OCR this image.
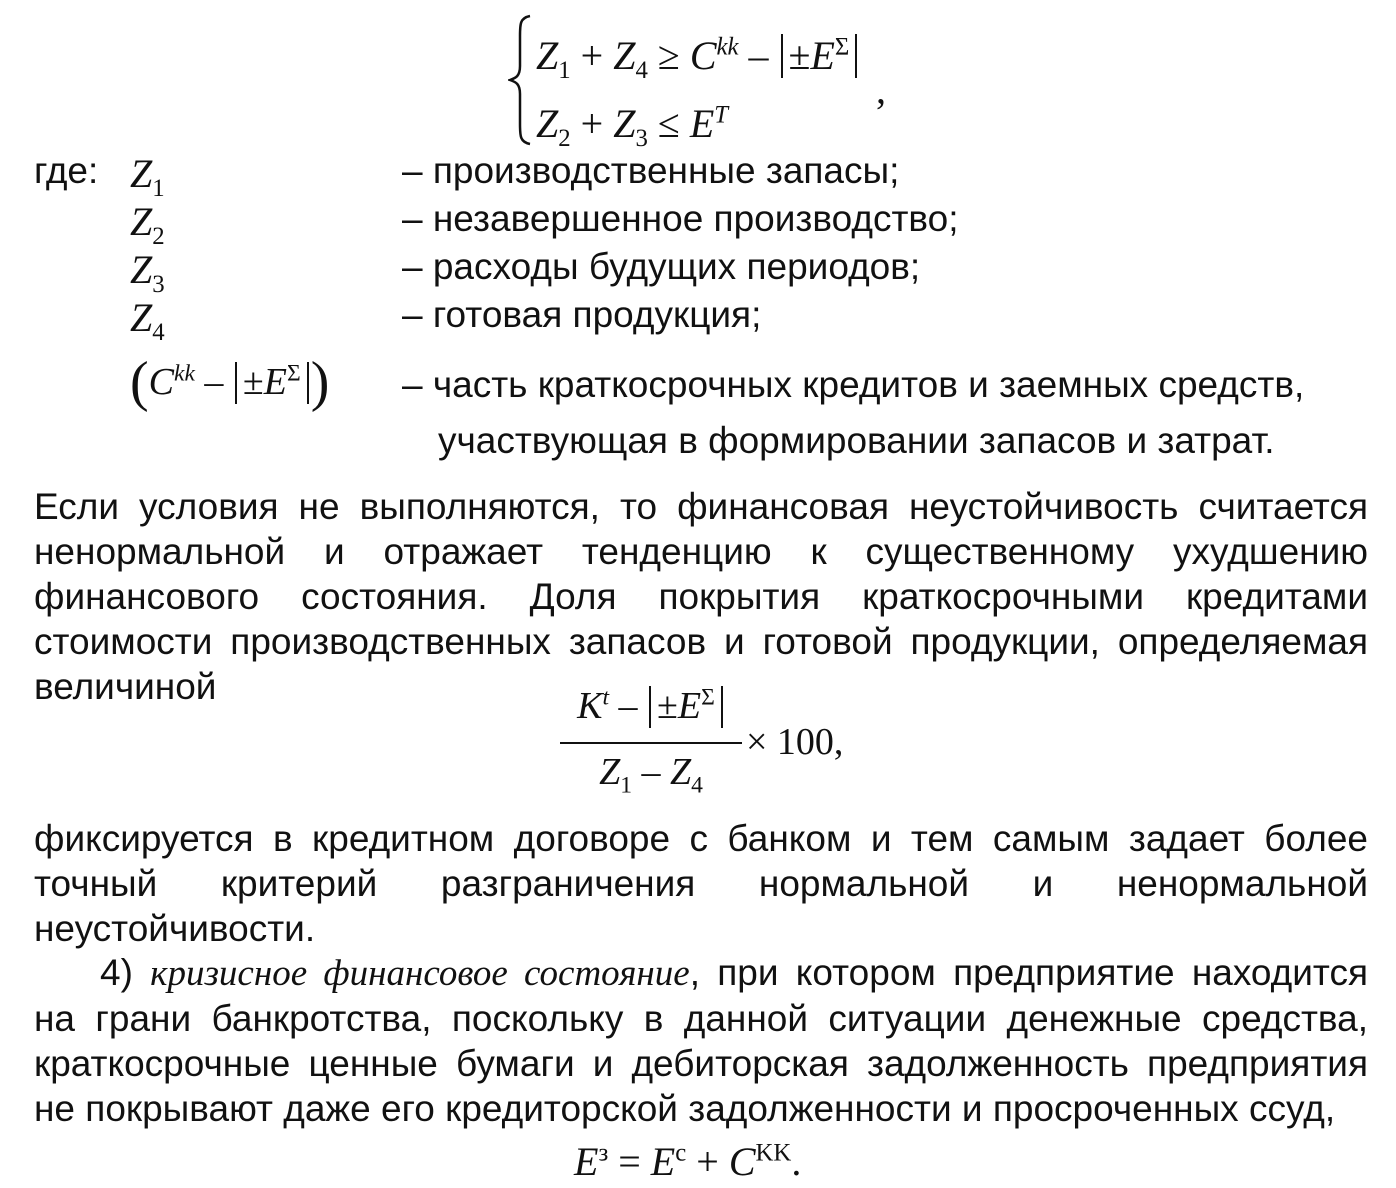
$Z_1 + Z_4 \ge C^{kk} - \pm E^\Sigma$
,
$Z_2 + Z_3 \le E^T$
где: $Z_1$	– производственные запасы;
$Z_2$	– незавершенное производство;
$Z_3$	– расходы будущих периодов;
$Z_4$	– готовая продукция;
($C^{kk} - \pm E^\Sigma$ ) – часть краткосрочных кредитов и заемных средств,
участвующая в формировании запасов и затрат.
Если условия не выполняются, то финансовая неустойчивость считается ненормальной и отражает тенденцию к существенному ухудшению финансового состояния. Доля покрытия краткосрочными кредитами стоимости производственных запасов и готовой продукции, определяемая величиной	$K^t - \pm E^\Sigma$
$Z_1 - Z_4$
× 100,
фиксируется в кредитном договоре с банком и тем самым задает более точный критерий разграничения нормальной и ненормальной неустойчивости.
4) кризисное финансовое состояние, при котором предприятие находится на грани банкротства, поскольку в данной ситуации денежные средства, краткосрочные ценные бумаги и дебиторская задолженность предприятия не покрывают даже его кредиторской задолженности и просроченных ссуд,
$E^з = E^с + C^{KK}$.
